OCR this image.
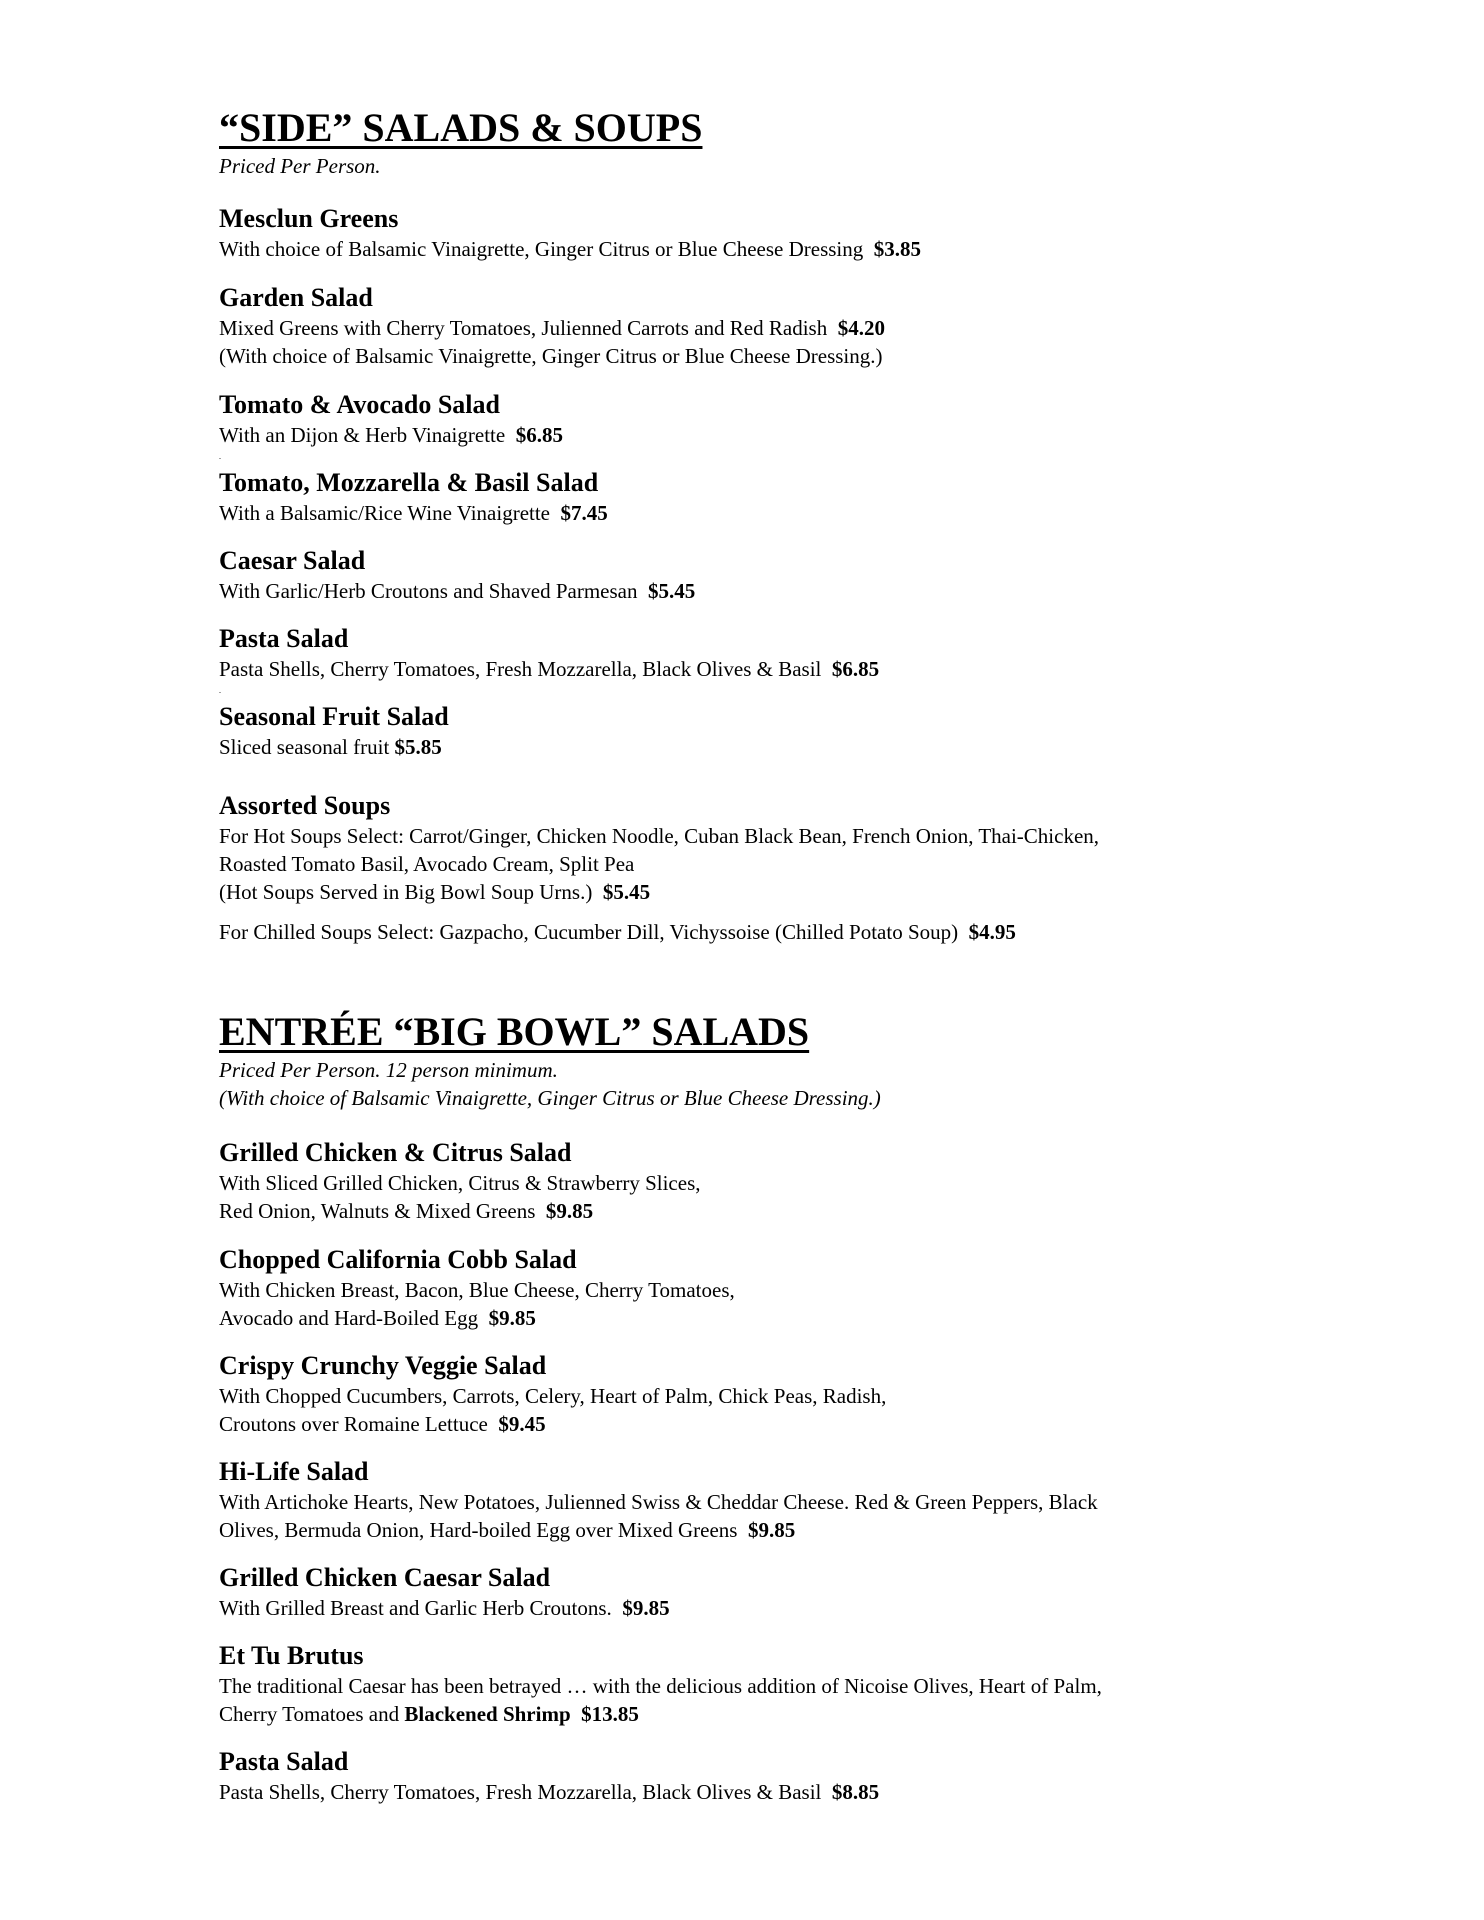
“SIDE” SALADS & SOUPS
Priced Per Person.
Mesclun Greens
With choice of Balsamic Vinaigrette, Ginger Citrus or Blue Cheese Dressing $3.85
Garden Salad
Mixed Greens with Cherry Tomatoes, Julienned Carrots and Red Radish $4.20
(With choice of Balsamic Vinaigrette, Ginger Citrus or Blue Cheese Dressing.)
Tomato & Avocado Salad
With an Dijon & Herb Vinaigrette $6.85
.
Tomato, Mozzarella & Basil Salad
With a Balsamic/Rice Wine Vinaigrette $7.45
Caesar Salad
With Garlic/Herb Croutons and Shaved Parmesan $5.45
Pasta Salad
Pasta Shells, Cherry Tomatoes, Fresh Mozzarella, Black Olives & Basil $6.85
.
Seasonal Fruit Salad
Sliced seasonal fruit $5.85
Assorted Soups
For Hot Soups Select: Carrot/Ginger, Chicken Noodle, Cuban Black Bean, French Onion, Thai-Chicken,
Roasted Tomato Basil, Avocado Cream, Split Pea
(Hot Soups Served in Big Bowl Soup Urns.) $5.45
For Chilled Soups Select: Gazpacho, Cucumber Dill, Vichyssoise (Chilled Potato Soup) $4.95
ENTRÉE “BIG BOWL” SALADS
Priced Per Person. 12 person minimum.
(With choice of Balsamic Vinaigrette, Ginger Citrus or Blue Cheese Dressing.)
Grilled Chicken & Citrus Salad
With Sliced Grilled Chicken, Citrus & Strawberry Slices,
Red Onion, Walnuts & Mixed Greens $9.85
Chopped California Cobb Salad
With Chicken Breast, Bacon, Blue Cheese, Cherry Tomatoes,
Avocado and Hard-Boiled Egg $9.85
Crispy Crunchy Veggie Salad
With Chopped Cucumbers, Carrots, Celery, Heart of Palm, Chick Peas, Radish,
Croutons over Romaine Lettuce $9.45
Hi-Life Salad
With Artichoke Hearts, New Potatoes, Julienned Swiss & Cheddar Cheese. Red & Green Peppers, Black
Olives, Bermuda Onion, Hard-boiled Egg over Mixed Greens $9.85
Grilled Chicken Caesar Salad
With Grilled Breast and Garlic Herb Croutons. $9.85
Et Tu Brutus
The traditional Caesar has been betrayed … with the delicious addition of Nicoise Olives, Heart of Palm,
Cherry Tomatoes and Blackened Shrimp $13.85
Pasta Salad
Pasta Shells, Cherry Tomatoes, Fresh Mozzarella, Black Olives & Basil $8.85
